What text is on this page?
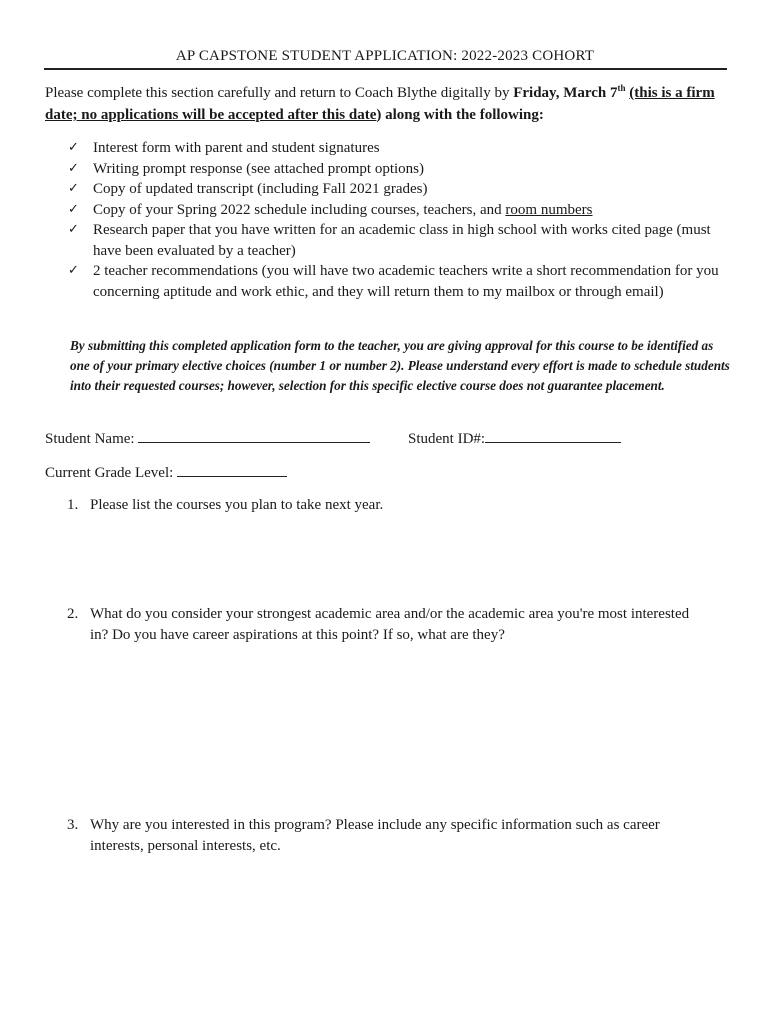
AP CAPSTONE STUDENT APPLICATION: 2022-2023 COHORT
Please complete this section carefully and return to Coach Blythe digitally by Friday, March 7th (this is a firm date; no applications will be accepted after this date) along with the following:
✓ Interest form with parent and student signatures
✓ Writing prompt response (see attached prompt options)
✓ Copy of updated transcript (including Fall 2021 grades)
✓ Copy of your Spring 2022 schedule including courses, teachers, and room numbers
✓ Research paper that you have written for an academic class in high school with works cited page (must have been evaluated by a teacher)
✓ 2 teacher recommendations (you will have two academic teachers write a short recommendation for you concerning aptitude and work ethic, and they will return them to my mailbox or through email)
By submitting this completed application form to the teacher, you are giving approval for this course to be identified as one of your primary elective choices (number 1 or number 2). Please understand every effort is made to schedule students into their requested courses; however, selection for this specific elective course does not guarantee placement.
Student Name:	Student ID#:
Current Grade Level:
1. Please list the courses you plan to take next year.
2. What do you consider your strongest academic area and/or the academic area you're most interested in? Do you have career aspirations at this point? If so, what are they?
3. Why are you interested in this program? Please include any specific information such as career interests, personal interests, etc.
